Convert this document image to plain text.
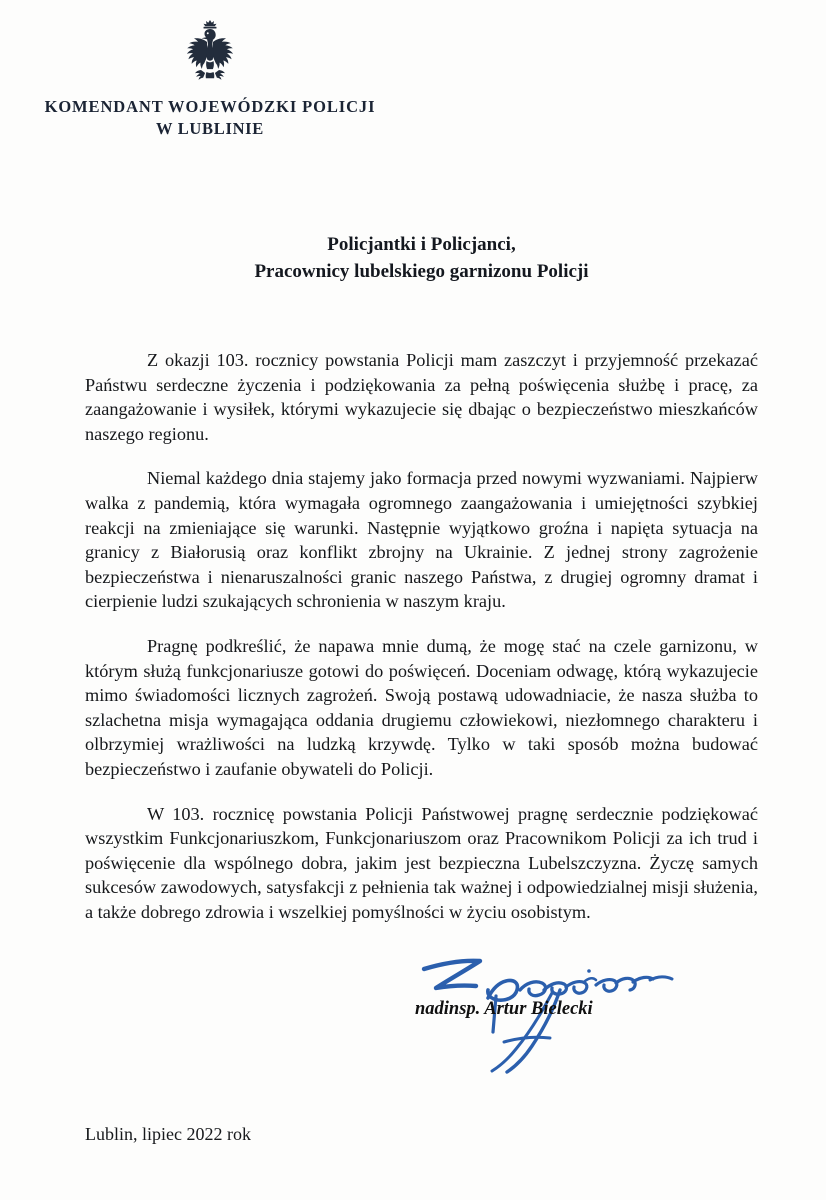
KOMENDANT WOJEWÓDZKI POLICJI
W LUBLINIE
Policjantki i Policjanci,
Pracownicy lubelskiego garnizonu Policji

Z okazji 103. rocznicy powstania Policji mam zaszczyt i przyjemność przekazać Państwu serdeczne życzenia i podziękowania za pełną poświęcenia służbę i pracę, za zaangażowanie i wysiłek, którymi wykazujecie się dbając o bezpieczeństwo mieszkańców naszego regionu.

Niemal każdego dnia stajemy jako formacja przed nowymi wyzwaniami. Najpierw walka z pandemią, która wymagała ogromnego zaangażowania i umiejętności szybkiej reakcji na zmieniające się warunki. Następnie wyjątkowo groźna i napięta sytuacja na granicy z Białorusią oraz konflikt zbrojny na Ukrainie. Z jednej strony zagrożenie bezpieczeństwa i nienaruszalności granic naszego Państwa, z drugiej ogromny dramat i cierpienie ludzi szukających schronienia w naszym kraju.

Pragnę podkreślić, że napawa mnie dumą, że mogę stać na czele garnizonu, w którym służą funkcjonariusze gotowi do poświęceń. Doceniam odwagę, którą wykazujecie mimo świadomości licznych zagrożeń. Swoją postawą udowadniacie, że nasza służba to szlachetna misja wymagająca oddania drugiemu człowiekowi, niezłomnego charakteru i olbrzymiej wrażliwości na ludzką krzywdę. Tylko w taki sposób można budować bezpieczeństwo i zaufanie obywateli do Policji.

W 103. rocznicę powstania Policji Państwowej pragnę serdecznie podziękować wszystkim Funkcjonariuszkom, Funkcjonariuszom oraz Pracownikom Policji za ich trud i poświęcenie dla wspólnego dobra, jakim jest bezpieczna Lubelszczyzna. Życzę samych sukcesów zawodowych, satysfakcji z pełnienia tak ważnej i odpowiedzialnej misji służenia, a także dobrego zdrowia i wszelkiej pomyślności w życiu osobistym.

nadinsp. Artur Bielecki
Lublin, lipiec 2022 rok
